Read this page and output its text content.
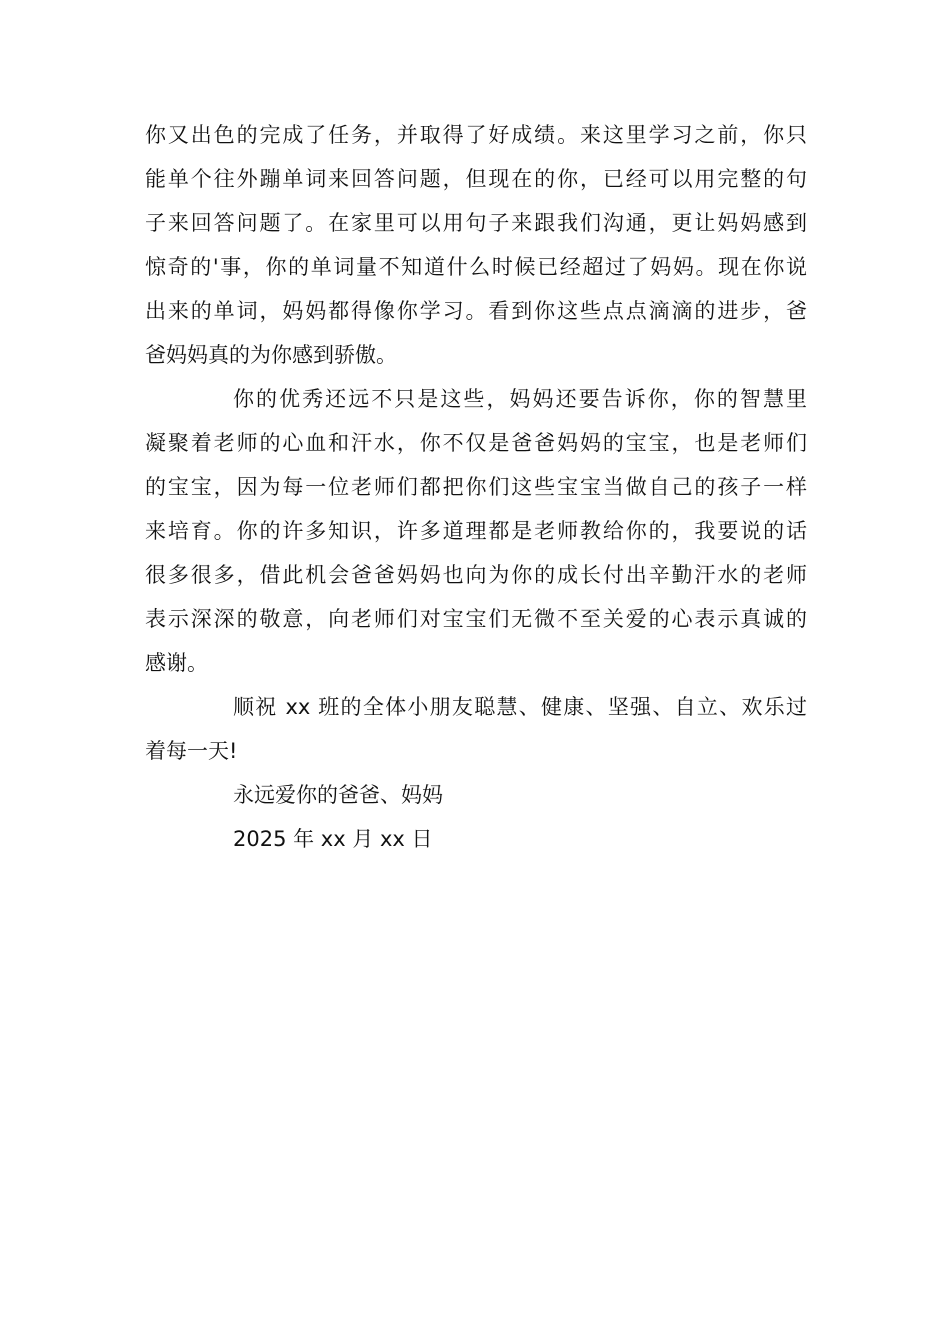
你又出色的完成了任务，并取得了好成绩。来这里学习之前，你只
能单个往外蹦单词来回答问题，但现在的你，已经可以用完整的句
子来回答问题了。在家里可以用句子来跟我们沟通，更让妈妈感到
惊奇的'事，你的单词量不知道什么时候已经超过了妈妈。现在你说
出来的单词，妈妈都得像你学习。看到你这些点点滴滴的进步，爸
爸妈妈真的为你感到骄傲。

你的优秀还远不只是这些，妈妈还要告诉你，你的智慧里
凝聚着老师的心血和汗水，你不仅是爸爸妈妈的宝宝，也是老师们
的宝宝，因为每一位老师们都把你们这些宝宝当做自己的孩子一样
来培育。你的许多知识，许多道理都是老师教给你的，我要说的话
很多很多，借此机会爸爸妈妈也向为你的成长付出辛勤汗水的老师
表示深深的敬意，向老师们对宝宝们无微不至关爱的心表示真诚的
感谢。

顺祝 xx 班的全体小朋友聪慧、健康、坚强、自立、欢乐过
着每一天!

永远爱你的爸爸、妈妈

2025 年 xx 月 xx 日
